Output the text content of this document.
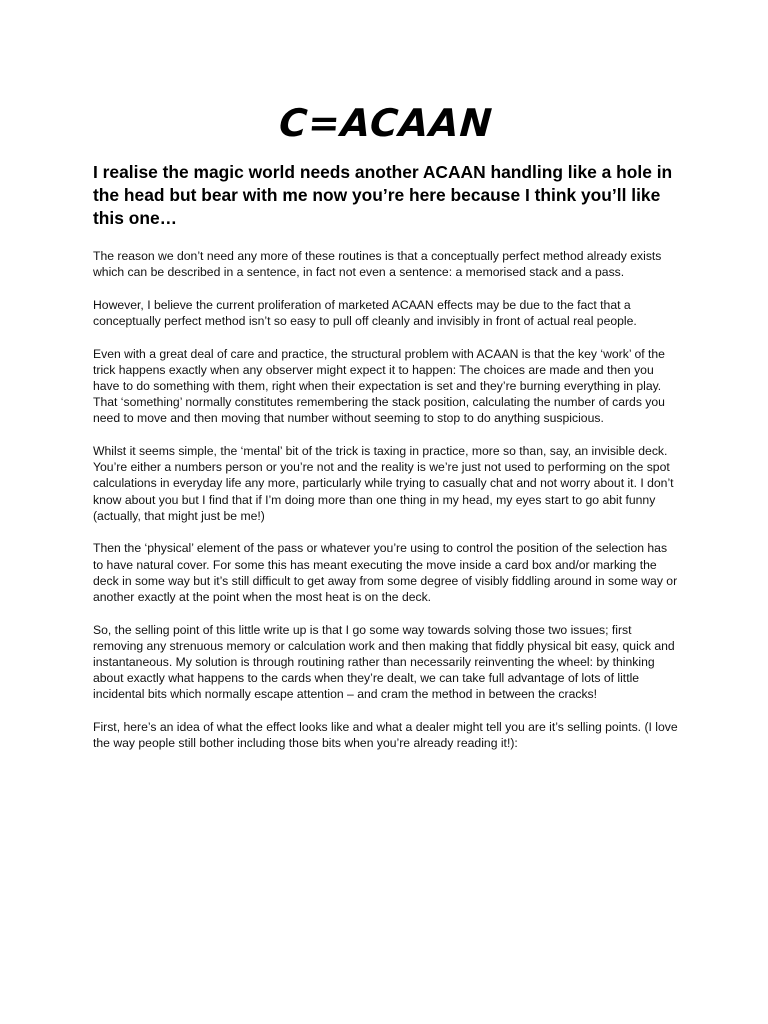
C=ACAAN
I realise the magic world needs another ACAAN handling like a hole in the head but bear with me now you’re here because I think you’ll like this one…

The reason we don’t need any more of these routines is that a conceptually perfect method already exists which can be described in a sentence, in fact not even a sentence: a memorised stack and a pass.

However, I believe the current proliferation of marketed ACAAN effects may be due to the fact that a conceptually perfect method isn’t so easy to pull off cleanly and invisibly in front of actual real people.

Even with a great deal of care and practice, the structural problem with ACAAN is that the key ‘work’ of the trick happens exactly when any observer might expect it to happen: The choices are made and then you have to do something with them, right when their expectation is set and they’re burning everything in play. That ‘something’ normally constitutes remembering the stack position, calculating the number of cards you need to move and then moving that number without seeming to stop to do anything suspicious.

Whilst it seems simple, the ‘mental’ bit of the trick is taxing in practice, more so than, say, an invisible deck. You’re either a numbers person or you’re not and the reality is we’re just not used to performing on the spot calculations in everyday life any more, particularly while trying to casually chat and not worry about it. I don’t know about you but I find that if I’m doing more than one thing in my head, my eyes start to go abit funny (actually, that might just be me!)

Then the ‘physical’ element of the pass or whatever you’re using to control the position of the selection has to have natural cover. For some this has meant executing the move inside a card box and/or marking the deck in some way but it’s still difficult to get away from some degree of visibly fiddling around in some way or another exactly at the point when the most heat is on the deck.

So, the selling point of this little write up is that I go some way towards solving those two issues; first removing any strenuous memory or calculation work and then making that fiddly physical bit easy, quick and instantaneous. My solution is through routining rather than necessarily reinventing the wheel: by thinking about exactly what happens to the cards when they’re dealt, we can take full advantage of lots of little incidental bits which normally escape attention – and cram the method in between the cracks!

First, here’s an idea of what the effect looks like and what a dealer might tell you are it’s selling points. (I love the way people still bother including those bits when you’re already reading it!):
